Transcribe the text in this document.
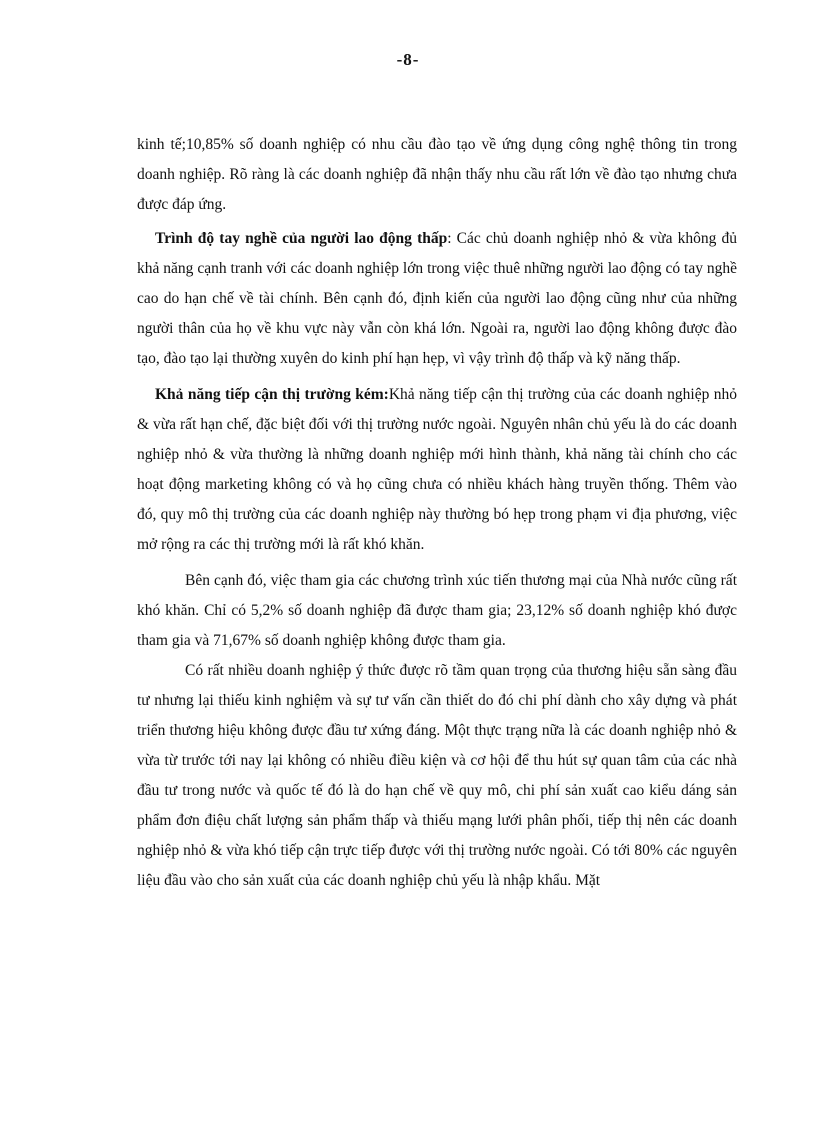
-8-

kinh tế;10,85% số doanh nghiệp có nhu cầu đào tạo về ứng dụng công nghệ thông tin trong doanh nghiệp. Rõ ràng là các doanh nghiệp đã nhận thấy nhu cầu rất lớn về đào tạo nhưng chưa được đáp ứng.

Trình độ tay nghề của người lao động thấp: Các chủ doanh nghiệp nhỏ & vừa không đủ khả năng cạnh tranh với các doanh nghiệp lớn trong việc thuê những người lao động có tay nghề cao do hạn chế về tài chính. Bên cạnh đó, định kiến của người lao động cũng như của những người thân của họ về khu vực này vẫn còn khá lớn. Ngoài ra, người lao động không được đào tạo, đào tạo lại thường xuyên do kinh phí hạn hẹp, vì vậy trình độ thấp và kỹ năng thấp.

Khả năng tiếp cận thị trường kém:Khả năng tiếp cận thị trường của các doanh nghiệp nhỏ & vừa rất hạn chế, đặc biệt đối với thị trường nước ngoài. Nguyên nhân chủ yếu là do các doanh nghiệp nhỏ & vừa thường là những doanh nghiệp mới hình thành, khả năng tài chính cho các hoạt động marketing không có và họ cũng chưa có nhiều khách hàng truyền thống. Thêm vào đó, quy mô thị trường của các doanh nghiệp này thường bó hẹp trong phạm vi địa phương, việc mở rộng ra các thị trường mới là rất khó khăn.

Bên cạnh đó, việc tham gia các chương trình xúc tiến thương mại của Nhà nước cũng rất khó khăn. Chỉ có 5,2% số doanh nghiệp đã được tham gia; 23,12% số doanh nghiệp khó được tham gia và 71,67% số doanh nghiệp không được tham gia.

Có rất nhiều doanh nghiệp ý thức được rõ tầm quan trọng của thương hiệu sẵn sàng đầu tư nhưng lại thiếu kinh nghiệm và sự tư vấn cần thiết do đó chi phí dành cho xây dựng và phát triển thương hiệu không được đầu tư xứng đáng. Một thực trạng nữa là các doanh nghiệp nhỏ & vừa từ trước tới nay lại không có nhiều điều kiện và cơ hội để thu hút sự quan tâm của các nhà đầu tư trong nước và quốc tế đó là do hạn chế về quy mô, chi phí sản xuất cao kiểu dáng sản phẩm đơn điệu chất lượng sản phẩm thấp và thiếu mạng lưới phân phối, tiếp thị nên các doanh nghiệp nhỏ & vừa khó tiếp cận trực tiếp được với thị trường nước ngoài. Có tới 80% các nguyên liệu đầu vào cho sản xuất của các doanh nghiệp chủ yếu là nhập khẩu. Mặt
